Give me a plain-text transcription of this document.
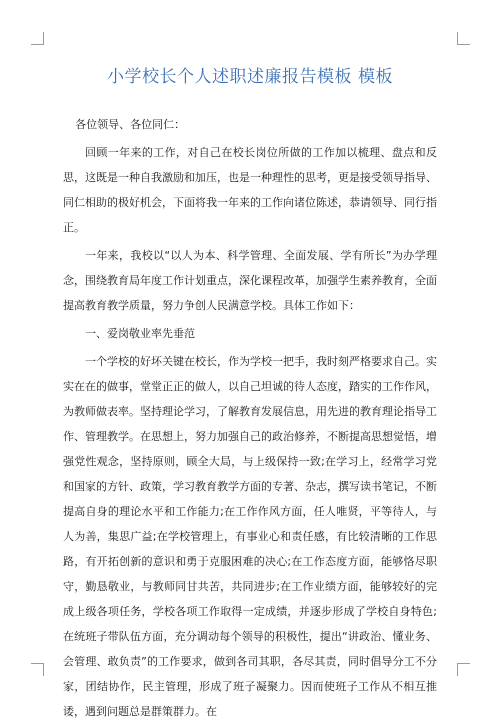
小学校长个人述职述廉报告模板 模板

各位领导、各位同仁：

回顾一年来的工作，对自己在校长岗位所做的工作加以梳理、盘点和反思，这既是一种自我激励和加压，也是一种理性的思考，更是接受领导指导、同仁相助的极好机会，下面将我一年来的工作向诸位陈述，恭请领导、同行指正。

一年来，我校以“以人为本、科学管理、全面发展、学有所长”为办学理念，围绕教育局年度工作计划重点，深化课程改革，加强学生素养教育，全面提高教育教学质量，努力争创人民满意学校。具体工作如下：

一、爱岗敬业率先垂范

一个学校的好坏关键在校长，作为学校一把手，我时刻严格要求自己。实实在在的做事，堂堂正正的做人，以自己坦诚的待人态度，踏实的工作作风，为教师做表率。坚持理论学习，了解教育发展信息，用先进的教育理论指导工作、管理教学。在思想上，努力加强自己的政治修养，不断提高思想觉悟，增强党性观念，坚持原则，顾全大局，与上级保持一致;在学习上，经常学习党和国家的方针、政策，学习教育教学方面的专著、杂志，撰写读书笔记，不断提高自身的理论水平和工作能力;在工作作风方面，任人唯贤，平等待人，与人为善，集思广益;在学校管理上，有事业心和责任感，有比较清晰的工作思路，有开拓创新的意识和勇于克服困难的决心;在工作态度方面，能够恪尽职守，勤恳敬业，与教师同甘共苦，共同进步;在工作业绩方面，能够较好的完成上级各项任务，学校各项工作取得一定成绩，并逐步形成了学校自身特色;在统班子带队伍方面，充分调动每个领导的积极性，提出“讲政治、懂业务、会管理、敢负责”的工作要求，做到各司其职，各尽其责，同时倡导分工不分家，团结协作，民主管理，形成了班子凝聚力。因而使班子工作从不相互推诿，遇到问题总是群策群力。在
